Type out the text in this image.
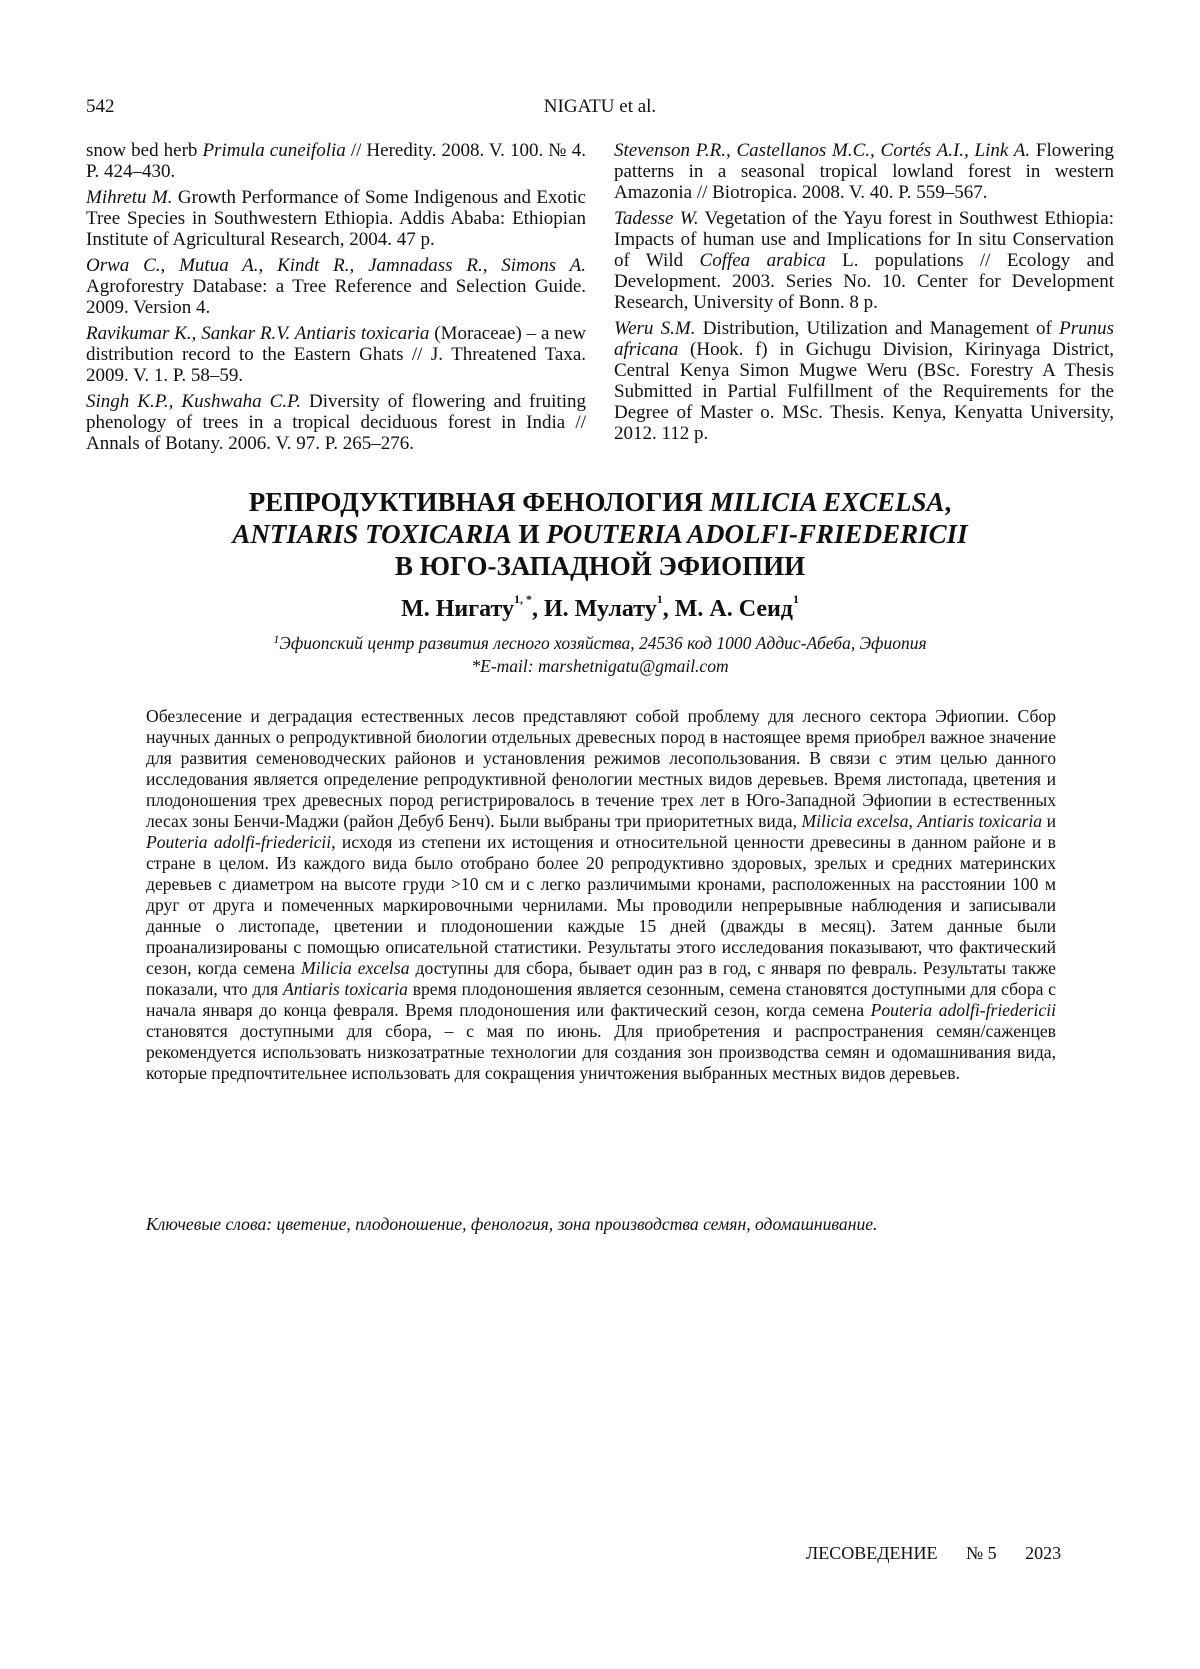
542	NIGATU et al.

snow bed herb Primula cuneifolia // Heredity. 2008. V. 100. № 4. P. 424–430.

Mihretu M. Growth Performance of Some Indigenous and Exotic Tree Species in Southwestern Ethiopia. Addis Ababa: Ethiopian Institute of Agricultural Research, 2004. 47 p.

Orwa C., Mutua A., Kindt R., Jamnadass R., Simons A. Agroforestry Database: a Tree Reference and Selection Guide. 2009. Version 4.

Ravikumar K., Sankar R.V. Antiaris toxicaria (Moraceae) – a new distribution record to the Eastern Ghats // J. Threatened Taxa. 2009. V. 1. P. 58–59.

Singh K.P., Kushwaha C.P. Diversity of flowering and fruiting phenology of trees in a tropical deciduous forest in India // Annals of Botany. 2006. V. 97. P. 265–276.

Stevenson P.R., Castellanos M.C., Cortés A.I., Link A. Flowering patterns in a seasonal tropical lowland forest in western Amazonia // Biotropica. 2008. V. 40. P. 559–567.

Tadesse W. Vegetation of the Yayu forest in Southwest Ethiopia: Impacts of human use and Implications for In situ Conservation of Wild Coffea arabica L. populations // Ecology and Development. 2003. Series No. 10. Center for Development Research, University of Bonn. 8 p.

Weru S.M. Distribution, Utilization and Management of Prunus africana (Hook. f) in Gichugu Division, Kirinyaga District, Central Kenya Simon Mugwe Weru (BSc. Forestry A Thesis Submitted in Partial Fulfillment of the Requirements for the Degree of Master o. MSc. Thesis. Kenya, Kenyatta University, 2012. 112 p.

РЕПРОДУКТИВНАЯ ФЕНОЛОГИЯ MILICIA EXCELSA,
ANTIARIS TOXICARIA И POUTERIA ADOLFI-FRIEDERICII
В ЮГО-ЗАПАДНОЙ ЭФИОПИИ
М. Нигату1, *, И. Мулату1, М. А. Сеид1
1Эфиопский центр развития лесного хозяйства, 24536 код 1000 Аддис-Абеба, Эфиопия
*E-mail: marshetnigatu@gmail.com
Обезлесение и деградация естественных лесов представляют собой проблему для лесного сектора Эфиопии. Сбор научных данных о репродуктивной биологии отдельных древесных пород в настоящее время приобрел важное значение для развития семеноводческих районов и установления режимов лесопользования. В связи с этим целью данного исследования является определение репродуктивной фенологии местных видов деревьев. Время листопада, цветения и плодоношения трех древесных пород регистрировалось в течение трех лет в Юго-Западной Эфиопии в естественных лесах зоны Бенчи-Маджи (район Дебуб Бенч). Были выбраны три приоритетных вида, Milicia excelsa, Antiaris toxicaria и Pouteria adolfi-friedericii, исходя из степени их истощения и относительной ценности древесины в данном районе и в стране в целом. Из каждого вида было отобрано более 20 репродуктивно здоровых, зрелых и средних материнских деревьев с диаметром на высоте груди >10 см и с легко различимыми кронами, расположенных на расстоянии 100 м друг от друга и помеченных маркировочными чернилами. Мы проводили непрерывные наблюдения и записывали данные о листопаде, цветении и плодоношении каждые 15 дней (дважды в месяц). Затем данные были проанализированы с помощью описательной статистики. Результаты этого исследования показывают, что фактический сезон, когда семена Milicia excelsa доступны для сбора, бывает один раз в год, с января по февраль. Результаты также показали, что для Antiaris toxicaria время плодоношения является сезонным, семена становятся доступными для сбора с начала января до конца февраля. Время плодоношения или фактический сезон, когда семена Pouteria adolfi-friedericii становятся доступными для сбора, – с мая по июнь. Для приобретения и распространения семян/саженцев рекомендуется использовать низкозатратные технологии для создания зон производства семян и одомашнивания вида, которые предпочтительнее использовать для сокращения уничтожения выбранных местных видов деревьев.
Ключевые слова: цветение, плодоношение, фенология, зона производства семян, одомашнивание.
ЛЕСОВЕДЕНИЕ № 5 2023
